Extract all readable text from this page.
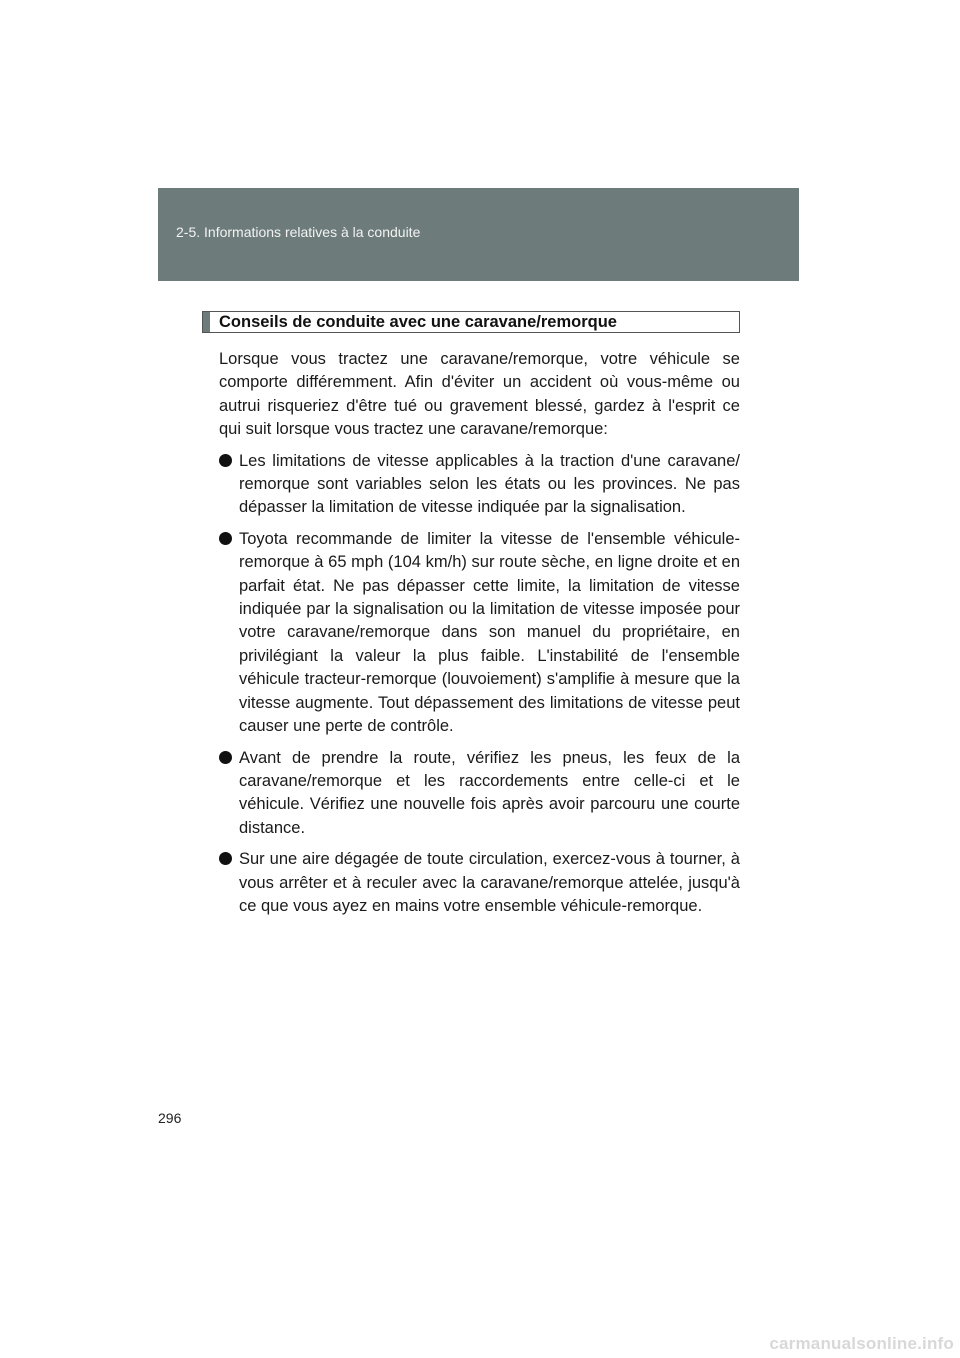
2-5. Informations relatives à la conduite
Conseils de conduite avec une caravane/remorque

Lorsque vous tractez une caravane/remorque, votre véhicule se comporte différemment. Afin d'éviter un accident où vous-même ou autrui risqueriez d'être tué ou gravement blessé, gardez à l'esprit ce qui suit lorsque vous tractez une caravane/remorque:

Les limitations de vitesse applicables à la traction d'une caravane/ remorque sont variables selon les états ou les provinces. Ne pas dépasser la limitation de vitesse indiquée par la signalisation.
Toyota recommande de limiter la vitesse de l'ensemble véhicule-remorque à 65 mph (104 km/h) sur route sèche, en ligne droite et en parfait état. Ne pas dépasser cette limite, la limitation de vitesse indiquée par la signalisation ou la limitation de vitesse imposée pour votre caravane/remorque dans son manuel du propriétaire, en privilégiant la valeur la plus faible. L'instabilité de l'ensemble véhicule tracteur-remorque (louvoiement) s'amplifie à mesure que la vitesse augmente. Tout dépassement des limitations de vitesse peut causer une perte de contrôle.
Avant de prendre la route, vérifiez les pneus, les feux de la caravane/remorque et les raccordements entre celle-ci et le véhicule. Vérifiez une nouvelle fois après avoir parcouru une courte distance.
Sur une aire dégagée de toute circulation, exercez-vous à tourner, à vous arrêter et à reculer avec la caravane/remorque attelée, jusqu'à ce que vous ayez en mains votre ensemble véhicule-remorque.
296
carmanualsonline.info
